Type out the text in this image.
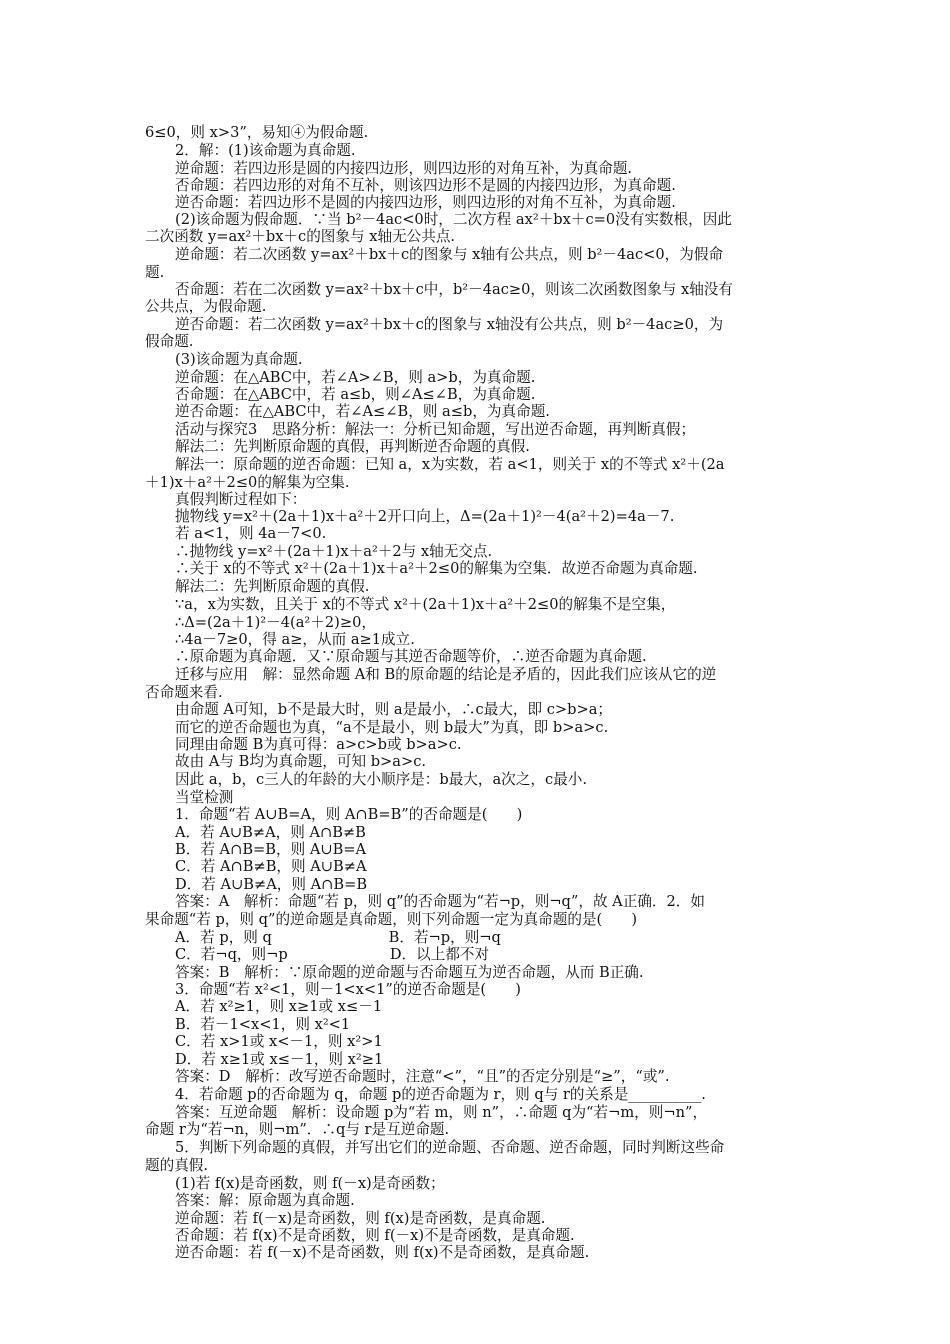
6≤0，则 x>3”，易知④为假命题.

2．解：(1)该命题为真命题.

逆命题：若四边形是圆的内接四边形，则四边形的对角互补，为真命题.

否命题：若四边形的对角不互补，则该四边形不是圆的内接四边形，为真命题.

逆否命题：若四边形不是圆的内接四边形，则四边形的对角不互补，为真命题.

(2)该命题为假命题．∵当 b²－4ac<0时，二次方程 ax²＋bx＋c=0没有实数根，因此

二次函数 y=ax²＋bx＋c的图象与 x轴无公共点.

逆命题：若二次函数 y=ax²＋bx＋c的图象与 x轴有公共点，则 b²－4ac<0，为假命

题.

否命题：若在二次函数 y=ax²＋bx＋c中，b²－4ac≥0，则该二次函数图象与 x轴没有

公共点，为假命题.

逆否命题：若二次函数 y=ax²＋bx＋c的图象与 x轴没有公共点，则 b²－4ac≥0，为

假命题.

(3)该命题为真命题.

逆命题：在△ABC中，若∠A>∠B，则 a>b，为真命题.

否命题：在△ABC中，若 a≤b，则∠A≤∠B，为真命题.

逆否命题：在△ABC中，若∠A≤∠B，则 a≤b，为真命题.

活动与探究3　思路分析：解法一：分析已知命题，写出逆否命题，再判断真假；

解法二：先判断原命题的真假，再判断逆否命题的真假.

解法一：原命题的逆否命题：已知 a，x为实数，若 a<1，则关于 x的不等式 x²＋(2a

＋1)x＋a²＋2≤0的解集为空集.

真假判断过程如下：

抛物线 y=x²＋(2a＋1)x＋a²＋2开口向上，Δ=(2a＋1)²－4(a²＋2)=4a－7.

若 a<1，则 4a－7<0.

∴抛物线 y=x²＋(2a＋1)x＋a²＋2与 x轴无交点.

∴关于 x的不等式 x²＋(2a＋1)x＋a²＋2≤0的解集为空集．故逆否命题为真命题.

解法二：先判断原命题的真假.

∵a，x为实数，且关于 x的不等式 x²＋(2a＋1)x＋a²＋2≤0的解集不是空集，

∴Δ=(2a＋1)²－4(a²＋2)≥0，

∴4a－7≥0，得 a≥，从而 a≥1成立.

∴原命题为真命题．又∵原命题与其逆否命题等价，∴逆否命题为真命题.

迁移与应用　解：显然命题 A和 B的原命题的结论是矛盾的，因此我们应该从它的逆

否命题来看.

由命题 A可知，b不是最大时，则 a是最小，∴c最大，即 c>b>a；

而它的逆否命题也为真，“a不是最小，则 b最大”为真，即 b>a>c.

同理由命题 B为真可得：a>c>b或 b>a>c.

故由 A与 B均为真命题，可知 b>a>c.

因此 a，b，c三人的年龄的大小顺序是：b最大，a次之，c最小.

当堂检测

1．命题“若 A∪B=A，则 A∩B=B”的否命题是(　　)

A．若 A∪B≠A，则 A∩B≠B

B．若 A∩B=B，则 A∪B=A

C．若 A∩B≠B，则 A∪B≠A

D．若 A∪B≠A，则 A∩B=B

答案：A　解析：命题“若 p，则 q”的否命题为“若¬p，则¬q”，故 A正确．2．如

果命题“若 p，则 q”的逆命题是真命题，则下列命题一定为真命题的是(　　)

A．若 p，则 q　　　　　　　　B．若¬p，则¬q

C．若¬q，则¬p　　　　　　　D．以上都不对

答案：B　解析：∵原命题的逆命题与否命题互为逆否命题，从而 B正确.

3．命题“若 x²<1，则－1<x<1”的逆否命题是(　　)

A．若 x²≥1，则 x≥1或 x≤－1

B．若－1<x<1，则 x²<1

C．若 x>1或 x<－1，则 x²>1

D．若 x≥1或 x≤－1，则 x²≥1

答案：D　解析：改写逆否命题时，注意“<”，“且”的否定分别是“≥”，“或”.

4．若命题 p的否命题为 q，命题 p的逆否命题为 r，则 q与 r的关系是__________.

答案：互逆命题　解析：设命题 p为“若 m，则 n”，∴命题 q为“若¬m，则¬n”，

命题 r为“若¬n，则¬m”．∴q与 r是互逆命题.

5．判断下列命题的真假，并写出它们的逆命题、否命题、逆否命题，同时判断这些命

题的真假.

(1)若 f(x)是奇函数，则 f(－x)是奇函数；

答案：解：原命题为真命题.

逆命题：若 f(－x)是奇函数，则 f(x)是奇函数，是真命题.

否命题：若 f(x)不是奇函数，则 f(－x)不是奇函数，是真命题.

逆否命题：若 f(－x)不是奇函数，则 f(x)不是奇函数，是真命题.
